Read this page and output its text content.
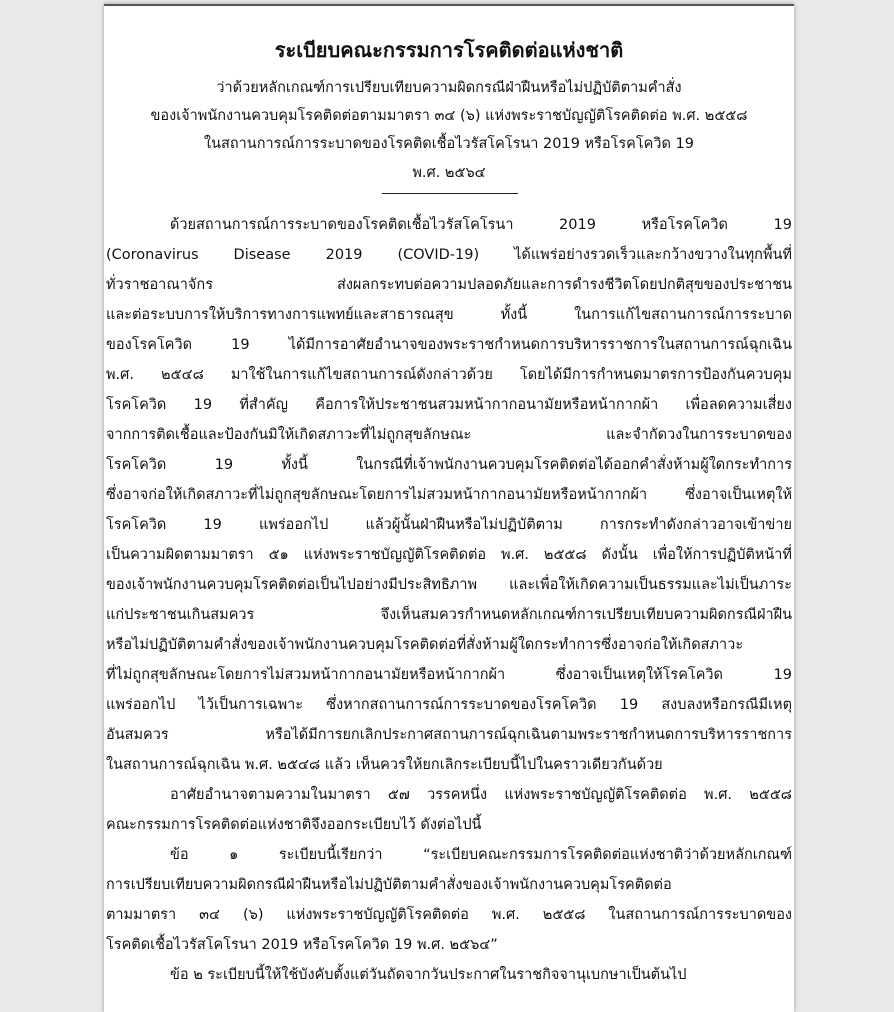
ระเบียบคณะกรรมการโรคติดต่อแห่งชาติ
ว่าด้วยหลักเกณฑ์การเปรียบเทียบความผิดกรณีฝ่าฝืนหรือไม่ปฏิบัติตามคำสั่ง
ของเจ้าพนักงานควบคุมโรคติดต่อตามมาตรา ๓๔ (๖) แห่งพระราชบัญญัติโรคติดต่อ พ.ศ. ๒๕๕๘
ในสถานการณ์การระบาดของโรคติดเชื้อไวรัสโคโรนา 2019 หรือโรคโควิด 19
พ.ศ. ๒๕๖๔
ด้วยสถานการณ์การระบาดของโรคติดเชื้อไวรัสโคโรนา 2019 หรือโรคโควิด 19
(Coronavirus Disease 2019 (COVID-19) ได้แพร่อย่างรวดเร็วและกว้างขวางในทุกพื้นที่
ทั่วราชอาณาจักร ส่งผลกระทบต่อความปลอดภัยและการดำรงชีวิตโดยปกติสุขของประชาชน
และต่อระบบการให้บริการทางการแพทย์และสาธารณสุข ทั้งนี้ ในการแก้ไขสถานการณ์การระบาด
ของโรคโควิด 19 ได้มีการอาศัยอำนาจของพระราชกำหนดการบริหารราชการในสถานการณ์ฉุกเฉิน
พ.ศ. ๒๕๔๘ มาใช้ในการแก้ไขสถานการณ์ดังกล่าวด้วย โดยได้มีการกำหนดมาตรการป้องกันควบคุม
โรคโควิด 19 ที่สำคัญ คือการให้ประชาชนสวมหน้ากากอนามัยหรือหน้ากากผ้า เพื่อลดความเสี่ยง
จากการติดเชื้อและป้องกันมิให้เกิดสภาวะที่ไม่ถูกสุขลักษณะ และจำกัดวงในการระบาดของ
โรคโควิด 19 ทั้งนี้ ในกรณีที่เจ้าพนักงานควบคุมโรคติดต่อได้ออกคำสั่งห้ามผู้ใดกระทำการ
ซึ่งอาจก่อให้เกิดสภาวะที่ไม่ถูกสุขลักษณะโดยการไม่สวมหน้ากากอนามัยหรือหน้ากากผ้า ซึ่งอาจเป็นเหตุให้
โรคโควิด 19 แพร่ออกไป แล้วผู้นั้นฝ่าฝืนหรือไม่ปฏิบัติตาม การกระทำดังกล่าวอาจเข้าข่าย
เป็นความผิดตามมาตรา ๕๑ แห่งพระราชบัญญัติโรคติดต่อ พ.ศ. ๒๕๕๘ ดังนั้น เพื่อให้การปฏิบัติหน้าที่
ของเจ้าพนักงานควบคุมโรคติดต่อเป็นไปอย่างมีประสิทธิภาพ และเพื่อให้เกิดความเป็นธรรมและไม่เป็นภาระ
แก่ประชาชนเกินสมควร จึงเห็นสมควรกำหนดหลักเกณฑ์การเปรียบเทียบความผิดกรณีฝ่าฝืน
หรือไม่ปฏิบัติตามคำสั่งของเจ้าพนักงานควบคุมโรคติดต่อที่สั่งห้ามผู้ใดกระทำการซึ่งอาจก่อให้เกิดสภาวะ
ที่ไม่ถูกสุขลักษณะโดยการไม่สวมหน้ากากอนามัยหรือหน้ากากผ้า ซึ่งอาจเป็นเหตุให้โรคโควิด 19
แพร่ออกไป ไว้เป็นการเฉพาะ ซึ่งหากสถานการณ์การระบาดของโรคโควิด 19 สงบลงหรือกรณีมีเหตุ
อันสมควร หรือได้มีการยกเลิกประกาศสถานการณ์ฉุกเฉินตามพระราชกำหนดการบริหารราชการ
ในสถานการณ์ฉุกเฉิน พ.ศ. ๒๕๔๘ แล้ว เห็นควรให้ยกเลิกระเบียบนี้ไปในคราวเดียวกันด้วย
อาศัยอำนาจตามความในมาตรา ๕๗ วรรคหนึ่ง แห่งพระราชบัญญัติโรคติดต่อ พ.ศ. ๒๕๕๘
คณะกรรมการโรคติดต่อแห่งชาติจึงออกระเบียบไว้ ดังต่อไปนี้
ข้อ ๑ ระเบียบนี้เรียกว่า “ระเบียบคณะกรรมการโรคติดต่อแห่งชาติว่าด้วยหลักเกณฑ์
การเปรียบเทียบความผิดกรณีฝ่าฝืนหรือไม่ปฏิบัติตามคำสั่งของเจ้าพนักงานควบคุมโรคติดต่อ
ตามมาตรา ๓๔ (๖) แห่งพระราชบัญญัติโรคติดต่อ พ.ศ. ๒๕๕๘ ในสถานการณ์การระบาดของ
โรคติดเชื้อไวรัสโคโรนา 2019 หรือโรคโควิด 19 พ.ศ. ๒๕๖๔”
ข้อ ๒ ระเบียบนี้ให้ใช้บังคับตั้งแต่วันถัดจากวันประกาศในราชกิจจานุเบกษาเป็นต้นไป
